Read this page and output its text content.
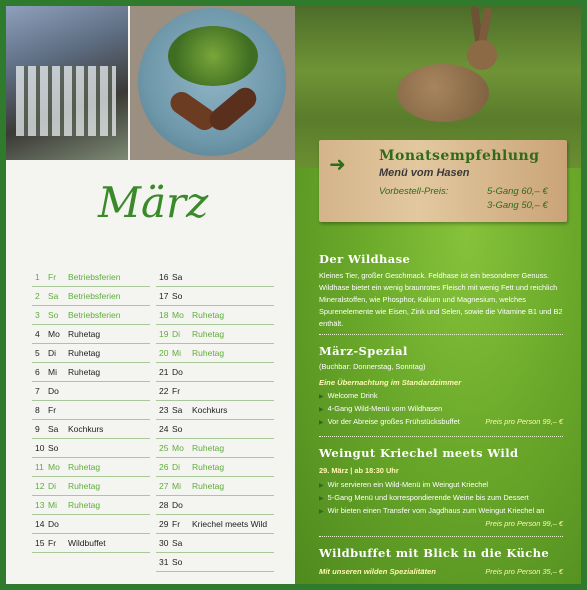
März
1 Fr Betriebsferien
2 Sa Betriebsferien
3 So Betriebsferien
4 Mo Ruhetag
5 Di Ruhetag
6 Mi Ruhetag
7 Do
8 Fr
9 Sa Kochkurs
10 So
11 Mo Ruhetag
12 Di Ruhetag
13 Mi Ruhetag
14 Do
15 Fr Wildbuffet
16 Sa
17 So
18 Mo Ruhetag
19 Di Ruhetag
20 Mi Ruhetag
21 Do
22 Fr
23 Sa Kochkurs
24 So
25 Mo Ruhetag
26 Di Ruhetag
27 Mi Ruhetag
28 Do
29 Fr Kriechel meets Wild
30 Sa
31 So
➜ Monatsempfehlung
Menü vom Hasen
Vorbestell-Preis:	5-Gang 60,– €
3-Gang 50,– €
Der Wildhase
Kleines Tier, großer Geschmack. Feldhase ist ein besonderer Genuss. Wildhase bietet ein wenig braunrotes Fleisch mit wenig Fett und reichlich Mineralstoffen, wie Phosphor, Kalium und Magnesium, welches Spurenelemente wie Eisen, Zink und Selen, sowie die Vitamine B1 und B2 enthält.
März-Spezial
(Buchbar: Donnerstag, Sonntag)
Eine Übernachtung im Standardzimmer
▶ Welcome Drink
▶ 4-Gang Wild-Menü vom Wildhasen
▶ Vor der Abreise großes Frühstücksbuffet	Preis pro Person 99,– €
Weingut Kriechel meets Wild
29. März | ab 18:30 Uhr
▶ Wir servieren ein Wild-Menü im Weingut Kriechel
▶ 5-Gang Menü und korrespondierende Weine bis zum Dessert
▶ Wir bieten einen Transfer vom Jagdhaus zum Weingut Kriechel an
Preis pro Person 99,– €
Wildbuffet mit Blick in die Küche
Mit unseren wilden Spezialitäten	Preis pro Person 35,– €
